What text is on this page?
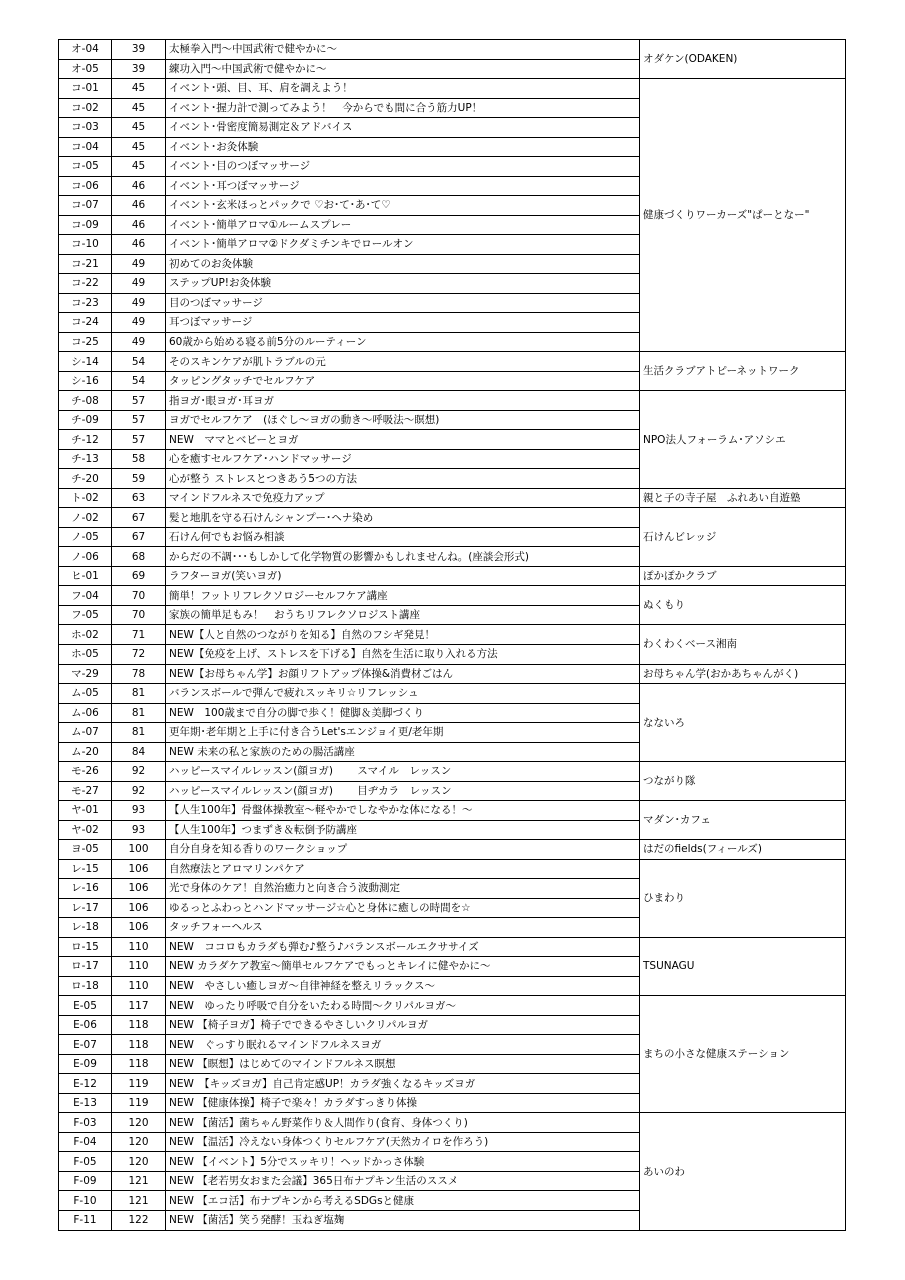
オ-04	39	太極拳入門～中国武術で健やかに～	オダケン(ODAKEN)
オ-05	39	練功入門～中国武術で健やかに～	
コ-01	45	イベント･頭、目、耳、肩を調えよう！	健康づくりワーカーズ"ぱーとなー"
コ-02	45	イベント･握力計で測ってみよう！　今からでも間に合う筋力UP！	
コ-03	45	イベント･骨密度簡易測定＆アドバイス	
コ-04	45	イベント･お灸体験	
コ-05	45	イベント･目のつぼマッサージ	
コ-06	46	イベント･耳つぼマッサージ	
コ-07	46	イベント･玄米ほっとパックで ♡お･て･あ･て♡	
コ-09	46	イベント･簡単アロマ①ルームスプレー	
コ-10	46	イベント･簡単アロマ②ドクダミチンキでロールオン	
コ-21	49	初めてのお灸体験	
コ-22	49	ステップUP!お灸体験	
コ-23	49	目のつぼマッサージ	
コ-24	49	耳つぼマッサージ	
コ-25	49	60歳から始める寝る前5分のルーティーン	
シ-14	54	そのスキンケアが肌トラブルの元	生活クラブアトピーネットワーク
シ-16	54	タッピングタッチでセルフケア	
チ-08	57	指ヨガ･眼ヨガ･耳ヨガ	NPO法人フォーラム･アソシエ
チ-09	57	ヨガでセルフケア　(ほぐし～ヨガの動き～呼吸法～瞑想)	
チ-12	57	NEW　ママとベビーとヨガ	
チ-13	58	心を癒すセルフケア･ハンドマッサージ	
チ-20	59	心が整う ストレスとつきあう5つの方法	
ト-02	63	マインドフルネスで免疫力アップ	親と子の寺子屋　ふれあい自遊塾
ノ-02	67	髪と地肌を守る石けんシャンプー･ヘナ染め	石けんビレッジ
ノ-05	67	石けん何でもお悩み相談	
ノ-06	68	からだの不調･･･もしかして化学物質の影響かもしれませんね。(座談会形式)	
ヒ-01	69	ラフターヨガ(笑いヨガ)	ぽかぽかクラブ
フ-04	70	簡単！フットリフレクソロジーセルフケア講座	ぬくもり
フ-05	70	家族の簡単足もみ！　おうちリフレクソロジスト講座	
ホ-02	71	NEW【人と自然のつながりを知る】自然のフシギ発見！	わくわくベース湘南
ホ-05	72	NEW【免疫を上げ、ストレスを下げる】自然を生活に取り入れる方法	
マ-29	78	NEW【お母ちゃん学】お顔リフトアップ体操&消費材ごはん	お母ちゃん学(おかあちゃんがく)
ム-05	81	バランスボールで弾んで疲れスッキリ☆リフレッシュ	なないろ
ム-06	81	NEW　100歳まで自分の脚で歩く！健脚＆美脚づくり	
ム-07	81	更年期･老年期と上手に付き合うLet'sエンジョイ更/老年期	
ム-20	84	NEW 未来の私と家族のための腸活講座	
モ-26	92	ハッピースマイルレッスン(顔ヨガ)　　 スマイル　レッスン	つながり隊
モ-27	92	ハッピースマイルレッスン(顔ヨガ)　　 目ヂカラ　レッスン	
ヤ-01	93	【人生100年】骨盤体操教室～軽やかでしなやかな体になる！～	マダン･カフェ
ヤ-02	93	【人生100年】つまずき＆転倒予防講座	
ヨ-05	100	自分自身を知る香りのワークショップ	はだのfields(フィールズ)
レ-15	106	自然療法とアロマリンパケア	ひまわり
レ-16	106	光で身体のケア！自然治癒力と向き合う波動測定	
レ-17	106	ゆるっとふわっとハンドマッサージ☆心と身体に癒しの時間を☆	
レ-18	106	タッチフォーヘルス	
ロ-15	110	NEW　ココロもカラダも弾む♪整う♪バランスボールエクササイズ	TSUNAGU
ロ-17	110	NEW カラダケア教室～簡単セルフケアでもっとキレイに健やかに～	
ロ-18	110	NEW　やさしい癒しヨガ～自律神経を整えリラックス～	
E-05	117	NEW　ゆったり呼吸で自分をいたわる時間～クリパルヨガ～	まちの小さな健康ステーション
E-06	118	NEW 【椅子ヨガ】椅子でできるやさしいクリパルヨガ	
E-07	118	NEW　ぐっすり眠れるマインドフルネスヨガ	
E-09	118	NEW 【瞑想】はじめてのマインドフルネス瞑想	
E-12	119	NEW　【キッズヨガ】自己肯定感UP！カラダ強くなるキッズヨガ	
E-13	119	NEW 【健康体操】椅子で楽々！カラダすっきり体操	
F-03	120	NEW 【菌活】菌ちゃん野菜作り＆人間作り(食育、身体つくり)	あいのわ
F-04	120	NEW 【温活】冷えない身体つくりセルフケア(天然カイロを作ろう)	
F-05	120	NEW 【イベント】5分でスッキリ！ヘッドかっさ体験	
F-09	121	NEW 【老若男女おまた会議】365日布ナプキン生活のススメ	
F-10	121	NEW 【エコ活】布ナプキンから考えるSDGsと健康	
F-11	122	NEW 【菌活】笑う発酵！玉ねぎ塩麹	
